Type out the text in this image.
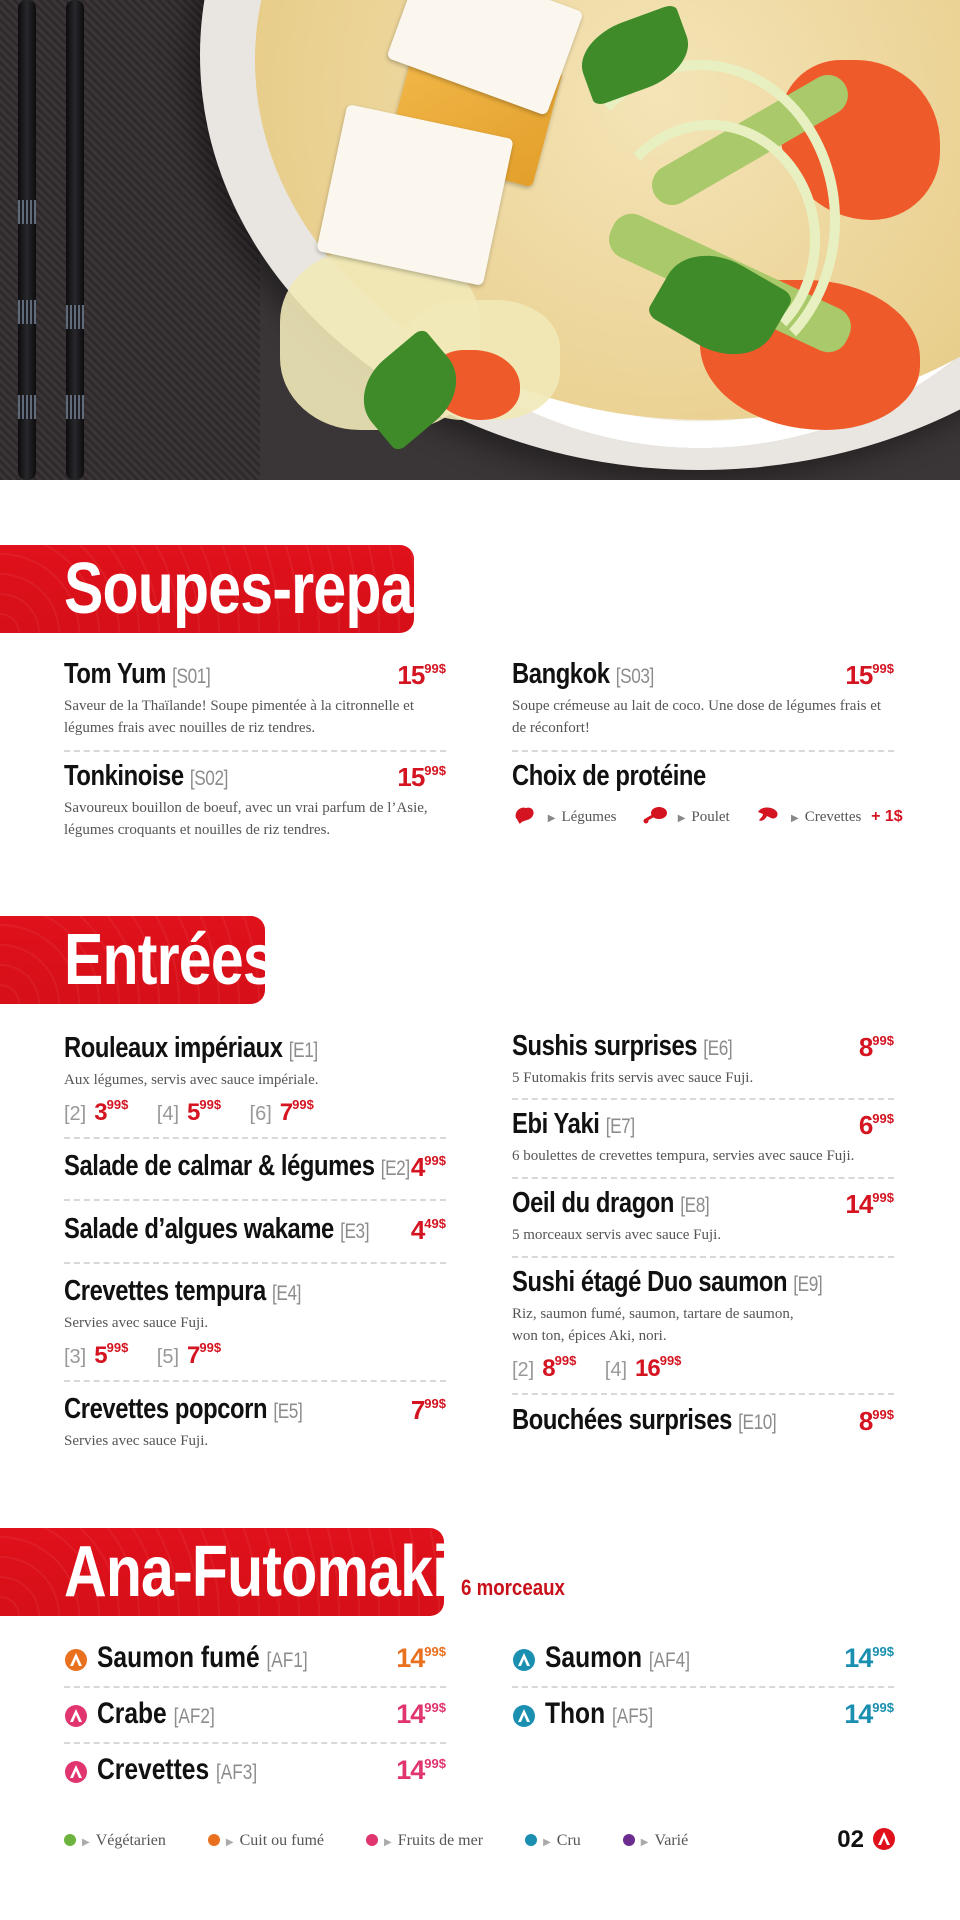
Soupes-repas
Tom Yum [S01]	$15^{99\$}$
Saveur de la Thaïlande! Soupe pimentée à la citronnelle et légumes frais avec nouilles de riz tendres.
Tonkinoise [S02]	$15^{99\$}$
Savoureux bouillon de boeuf, avec un vrai parfum de l’Asie, légumes croquants et nouilles de riz tendres.
Bangkok [S03]	$15^{99\$}$
Soupe crémeuse au lait de coco. Une dose de légumes frais et de réconfort!
Choix de protéine
▶ Légumes	▶ Poulet	▶ Crevettes + 1$
Entrées
Rouleaux impériaux [E1]
Aux légumes, servis avec sauce impériale.
[2] $3^{99\$}$ [4] $5^{99\$}$ [6] $7^{99\$}$
Salade de calmar & légumes [E2] $4^{99\$}$
Salade d’algues wakame [E3] $4^{49\$}$
Crevettes tempura [E4]
Servies avec sauce Fuji.
[3] $5^{99\$}$ [5] $7^{99\$}$
Crevettes popcorn [E5]	$7^{99\$}$
Servies avec sauce Fuji.
Sushis surprises [E6]	$8^{99\$}$
5 Futomakis frits servis avec sauce Fuji.
Ebi Yaki [E7]	$6^{99\$}$
6 boulettes de crevettes tempura, servies avec sauce Fuji.
Oeil du dragon [E8]	$14^{99\$}$
5 morceaux servis avec sauce Fuji.
Sushi étagé Duo saumon [E9]
Riz, saumon fumé, saumon, tartare de saumon, won ton, épices Aki, nori.
[2] $8^{99\$}$ [4] $16^{99\$}$
Bouchées surprises [E10]	$8^{99\$}$
Ana-Futomakis
6 morceaux
Saumon fumé [AF1]	$14^{99\$}$
Crabe [AF2]	$14^{99\$}$
Crevettes [AF3]	$14^{99\$}$
Saumon [AF4]	$14^{99\$}$
Thon [AF5]	$14^{99\$}$
▶ Végétarien	▶ Cuit ou fumé	▶ Fruits de mer	▶ Cru	▶ Varié	02
